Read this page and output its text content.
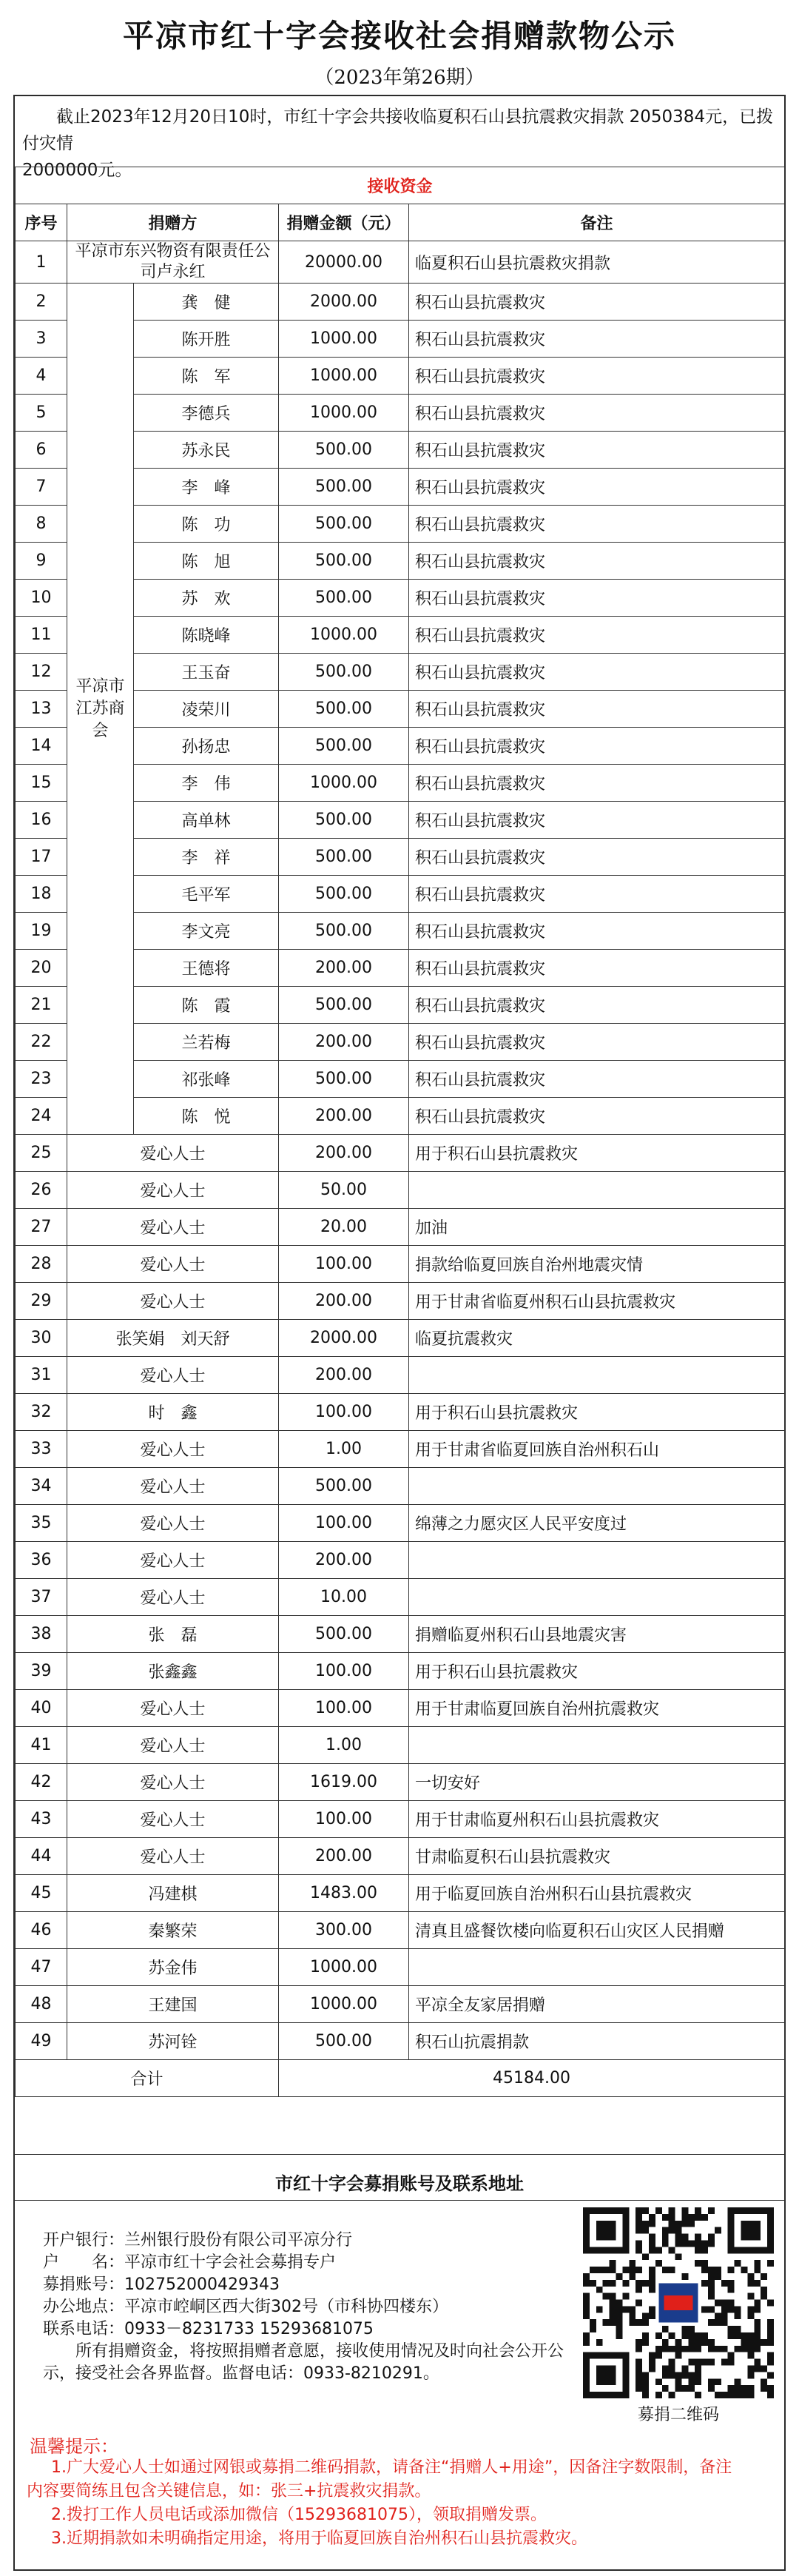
平凉市红十字会接收社会捐赠款物公示
（2023年第26期）
截止2023年12月20日10时，市红十字会共接收临夏积石山县抗震救灾捐款 2050384元，已拨付灾情
2000000元。
接收资金				
序号	捐赠方		捐赠金额（元）	备注
1	平凉市东兴物资有限责任公司卢永红		20000.00	临夏积石山县抗震救灾捐款
2	平凉市江苏商会	龚　健	2000.00	积石山县抗震救灾
3		陈开胜	1000.00	积石山县抗震救灾
4		陈　军	1000.00	积石山县抗震救灾
5		李德兵	1000.00	积石山县抗震救灾
6		苏永民	500.00	积石山县抗震救灾
7		李　峰	500.00	积石山县抗震救灾
8		陈　功	500.00	积石山县抗震救灾
9		陈　旭	500.00	积石山县抗震救灾
10		苏　欢	500.00	积石山县抗震救灾
11		陈晓峰	1000.00	积石山县抗震救灾
12		王玉奋	500.00	积石山县抗震救灾
13		凌荣川	500.00	积石山县抗震救灾
14		孙扬忠	500.00	积石山县抗震救灾
15		李　伟	1000.00	积石山县抗震救灾
16		高单林	500.00	积石山县抗震救灾
17		李　祥	500.00	积石山县抗震救灾
18		毛平军	500.00	积石山县抗震救灾
19		李文亮	500.00	积石山县抗震救灾
20		王德将	200.00	积石山县抗震救灾
21		陈　霞	500.00	积石山县抗震救灾
22		兰若梅	200.00	积石山县抗震救灾
23		祁张峰	500.00	积石山县抗震救灾
24		陈　悦	200.00	积石山县抗震救灾
25	爱心人士		200.00	用于积石山县抗震救灾
26	爱心人士		50.00	
27	爱心人士		20.00	加油
28	爱心人士		100.00	捐款给临夏回族自治州地震灾情
29	爱心人士		200.00	用于甘肃省临夏州积石山县抗震救灾
30	张笑娟　刘天舒		2000.00	临夏抗震救灾
31	爱心人士		200.00	
32	时　鑫		100.00	用于积石山县抗震救灾
33	爱心人士		1.00	用于甘肃省临夏回族自治州积石山
34	爱心人士		500.00	
35	爱心人士		100.00	绵薄之力愿灾区人民平安度过
36	爱心人士		200.00	
37	爱心人士		10.00	
38	张　磊		500.00	捐赠临夏州积石山县地震灾害
39	张鑫鑫		100.00	用于积石山县抗震救灾
40	爱心人士		100.00	用于甘肃临夏回族自治州抗震救灾
41	爱心人士		1.00	
42	爱心人士		1619.00	一切安好
43	爱心人士		100.00	用于甘肃临夏州积石山县抗震救灾
44	爱心人士		200.00	甘肃临夏积石山县抗震救灾
45	冯建棋		1483.00	用于临夏回族自治州积石山县抗震救灾
46	秦繁荣		300.00	清真且盛餐饮楼向临夏积石山灾区人民捐赠
47	苏金伟		1000.00	
48	王建国		1000.00	平凉全友家居捐赠
49	苏河铨		500.00	积石山抗震捐款
合计			45184.00	
市红十字会募捐账号及联系地址
开户银行：兰州银行股份有限公司平凉分行
户　　名：平凉市红十字会社会募捐专户
募捐账号：102752000429343
办公地点：平凉市崆峒区西大街302号（市科协四楼东）
联系电话：0933－8231733 15293681075
所有捐赠资金，将按照捐赠者意愿，接收使用情况及时向社会公开公示，接受社会各界监督。监督电话：0933-8210291。
募捐二维码
温馨提示：
1.广大爱心人士如通过网银或募捐二维码捐款，请备注“捐赠人+用途”，因备注字数限制，备注
内容要简练且包含关键信息，如：张三+抗震救灾捐款。
2.拨打工作人员电话或添加微信（15293681075），领取捐赠发票。
3.近期捐款如未明确指定用途，将用于临夏回族自治州积石山县抗震救灾。
